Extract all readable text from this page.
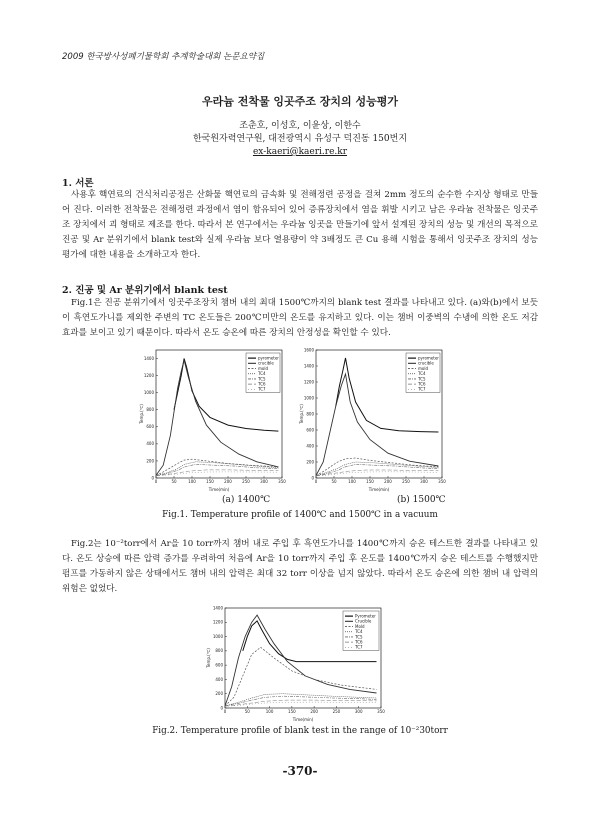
2009 한국방사성폐기물학회 추계학술대회 논문요약집
우라늄 전착물 잉곳주조 장치의 성능평가
조춘호, 이성호, 이윤상, 이한수
한국원자력연구원, 대전광역시 유성구 덕진동 150번지
ex-kaeri@kaeri.re.kr
1. 서론

사용후 핵연료의 건식처리공정은 산화물 핵연료의 금속화 및 전해정련 공정을 걸쳐 2mm 정도의 순수한 수지상 형태로 만들어 진다. 이러한 전착물은 전해정련 과정에서 염이 함유되어 있어 증류장치에서 염을 휘발 시키고 남은 우라늄 전착물은 잉곳주조 장치에서 괴 형태로 제조를 한다. 따라서 본 연구에서는 우라늄 잉곳을 만들기에 앞서 설계된 장치의 성능 및 개선의 목적으로 진공 및 Ar 분위기에서 blank test와 실제 우라늄 보다 열용량이 약 3배정도 큰 Cu 용해 시험을 통해서 잉곳주조 장치의 성능평가에 대한 내용을 소개하고자 한다.

2. 진공 및 Ar 분위기에서 blank test

Fig.1은 진공 분위기에서 잉곳주조장치 챔버 내의 최대 1500℃까지의 blank test 결과를 나타내고 있다. (a)와(b)에서 보듯이 흑연도가니를 제외한 주변의 TC 온도들은 200℃미만의 온도를 유지하고 있다. 이는 챔버 이중벽의 수냉에 의한 온도 저감 효과를 보이고 있기 때문이다. 따라서 온도 승온에 따른 장치의 안정성을 확인할 수 있다.

0	50	100	150	200	250	300	350
0
200
400
600
800
1000
1200
1400
Time(min)
Temp.(℃)
pyrometer
crucible
mold
TC4
TC5
TC6
TC7
0	50	100	150	200	250	300	350
0
200
400
600
800
1000
1200
1400
1600
Time(min)
Temp.(℃)
pyrometer
crucible
mold
TC4
TC5
TC6
TC7
(a) 1400℃	(b) 1500℃
Fig.1. Temperature profile of 1400℃ and 1500℃ in a vacuum

Fig.2는 10⁻²torr에서 Ar을 10 torr까지 챔버 내로 주입 후 흑연도가니를 1400℃까지 승온 테스트한 결과를 나타내고 있다. 온도 상승에 따른 압력 증가를 우려하여 처음에 Ar을 10 torr까지 주입 후 온도를 1400℃까지 승온 테스트를 수행했지만 펌프를 가동하지 않은 상태에서도 챔버 내의 압력은 최대 32 torr 이상을 넘지 않았다. 따라서 온도 승온에 의한 챔버 내 압력의 위험은 없었다.

0	50	100	150	200	250	300	350
0
200
400
600
800
1000
1200
1400
Time(min)
Temp.(℃)
Pyrometer
Crucible
Mold
TC4
TC5
TC6
TC7
Fig.2. Temperature profile of blank test in the range of 10⁻²30torr
-370-
